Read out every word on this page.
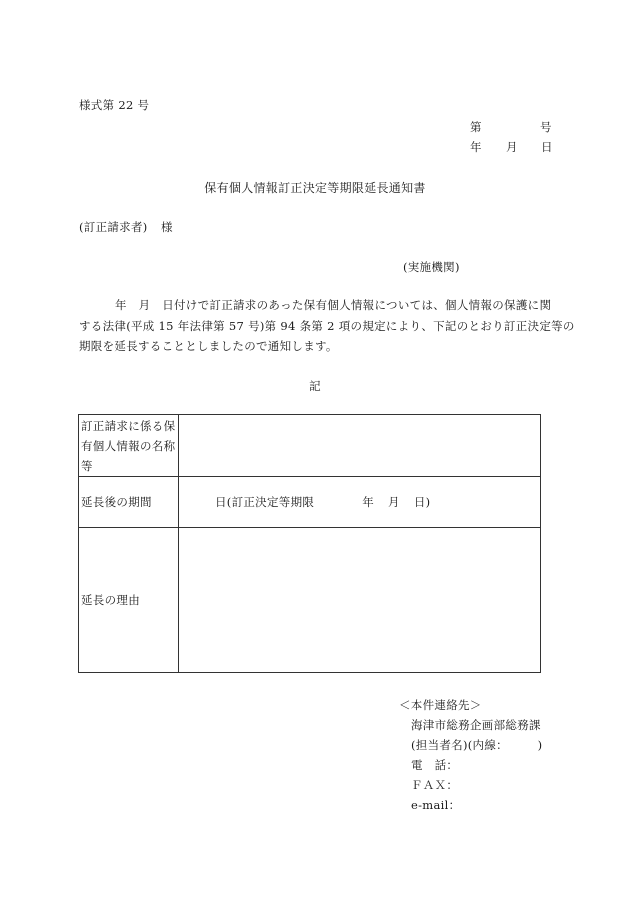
様式第 22 号
第	号
年 月 日
保有個人情報訂正決定等期限延長通知書
(訂正請求者) 様
(実施機関)
年　月　日付けで訂正請求のあった保有個人情報については、個人情報の保護に関
する法律(平成 15 年法律第 57 号)第 94 条第 2 項の規定により、下記のとおり訂正決定等の
期限を延長することとしましたので通知します。
記
訂正請求に係る保有個人情報の名称等	
延長後の期間	日(訂正決定等期限 年 月 日)
延長の理由	
＜本件連絡先＞
海津市総務企画部総務課
(担当者名)(内線：　　　)
電　話：
ＦＡＸ：
e-mail：
